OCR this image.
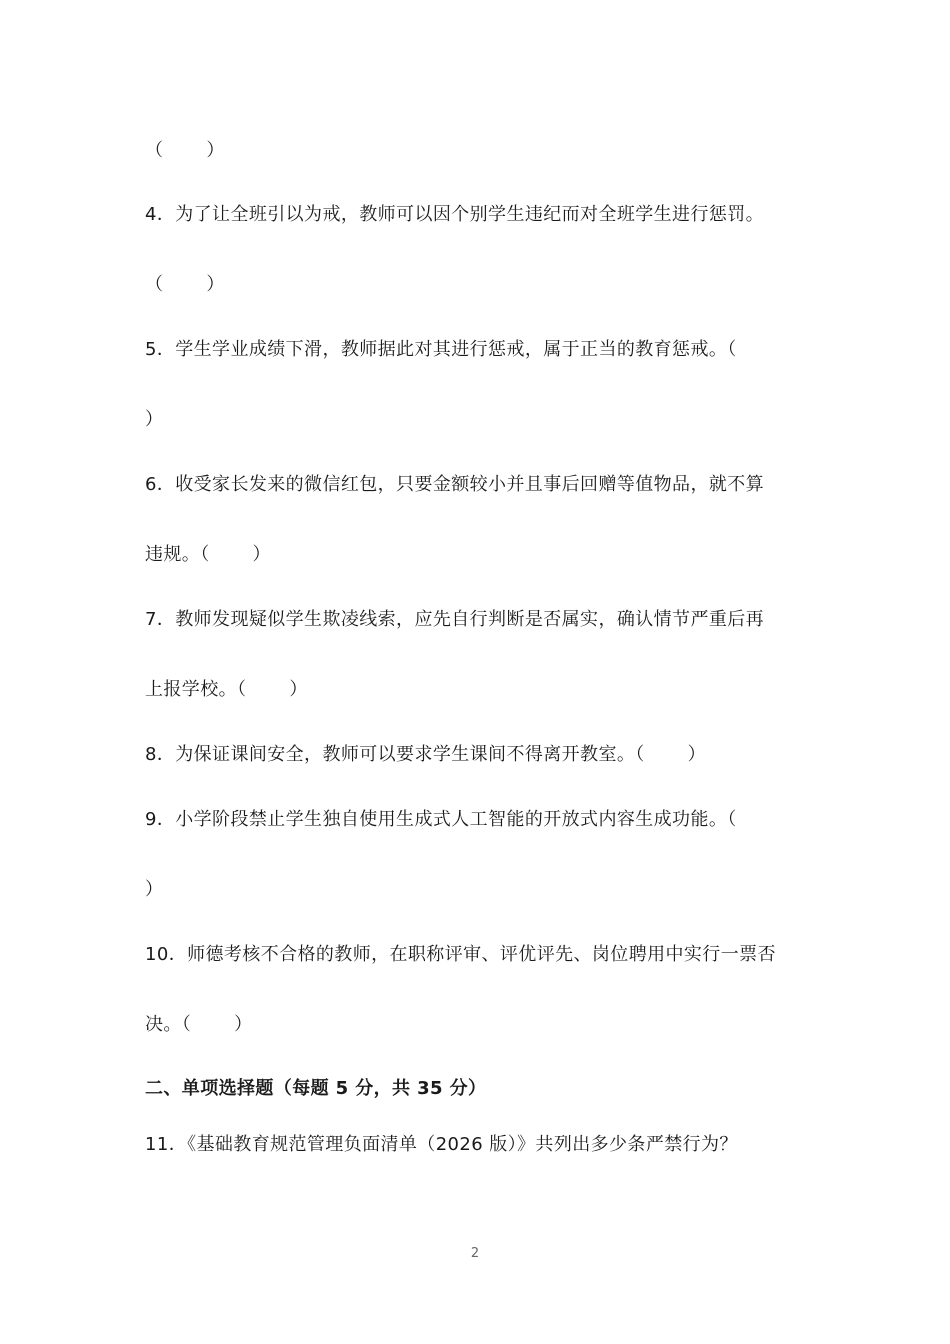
（　　 ）
4．为了让全班引以为戒，教师可以因个别学生违纪而对全班学生进行惩罚。
（　　 ）
5．学生学业成绩下滑，教师据此对其进行惩戒，属于正当的教育惩戒。（
）
6．收受家长发来的微信红包，只要金额较小并且事后回赠等值物品，就不算
违规。（　　 ）
7．教师发现疑似学生欺凌线索，应先自行判断是否属实，确认情节严重后再
上报学校。（　　 ）
8．为保证课间安全，教师可以要求学生课间不得离开教室。（　　 ）
9．小学阶段禁止学生独自使用生成式人工智能的开放式内容生成功能。（
）
10．师德考核不合格的教师，在职称评审、评优评先、岗位聘用中实行一票否
决。（　　 ）
二、单项选择题（每题 5 分，共 35 分）
11．《基础教育规范管理负面清单（2026 版）》共列出多少条严禁行为？
2
